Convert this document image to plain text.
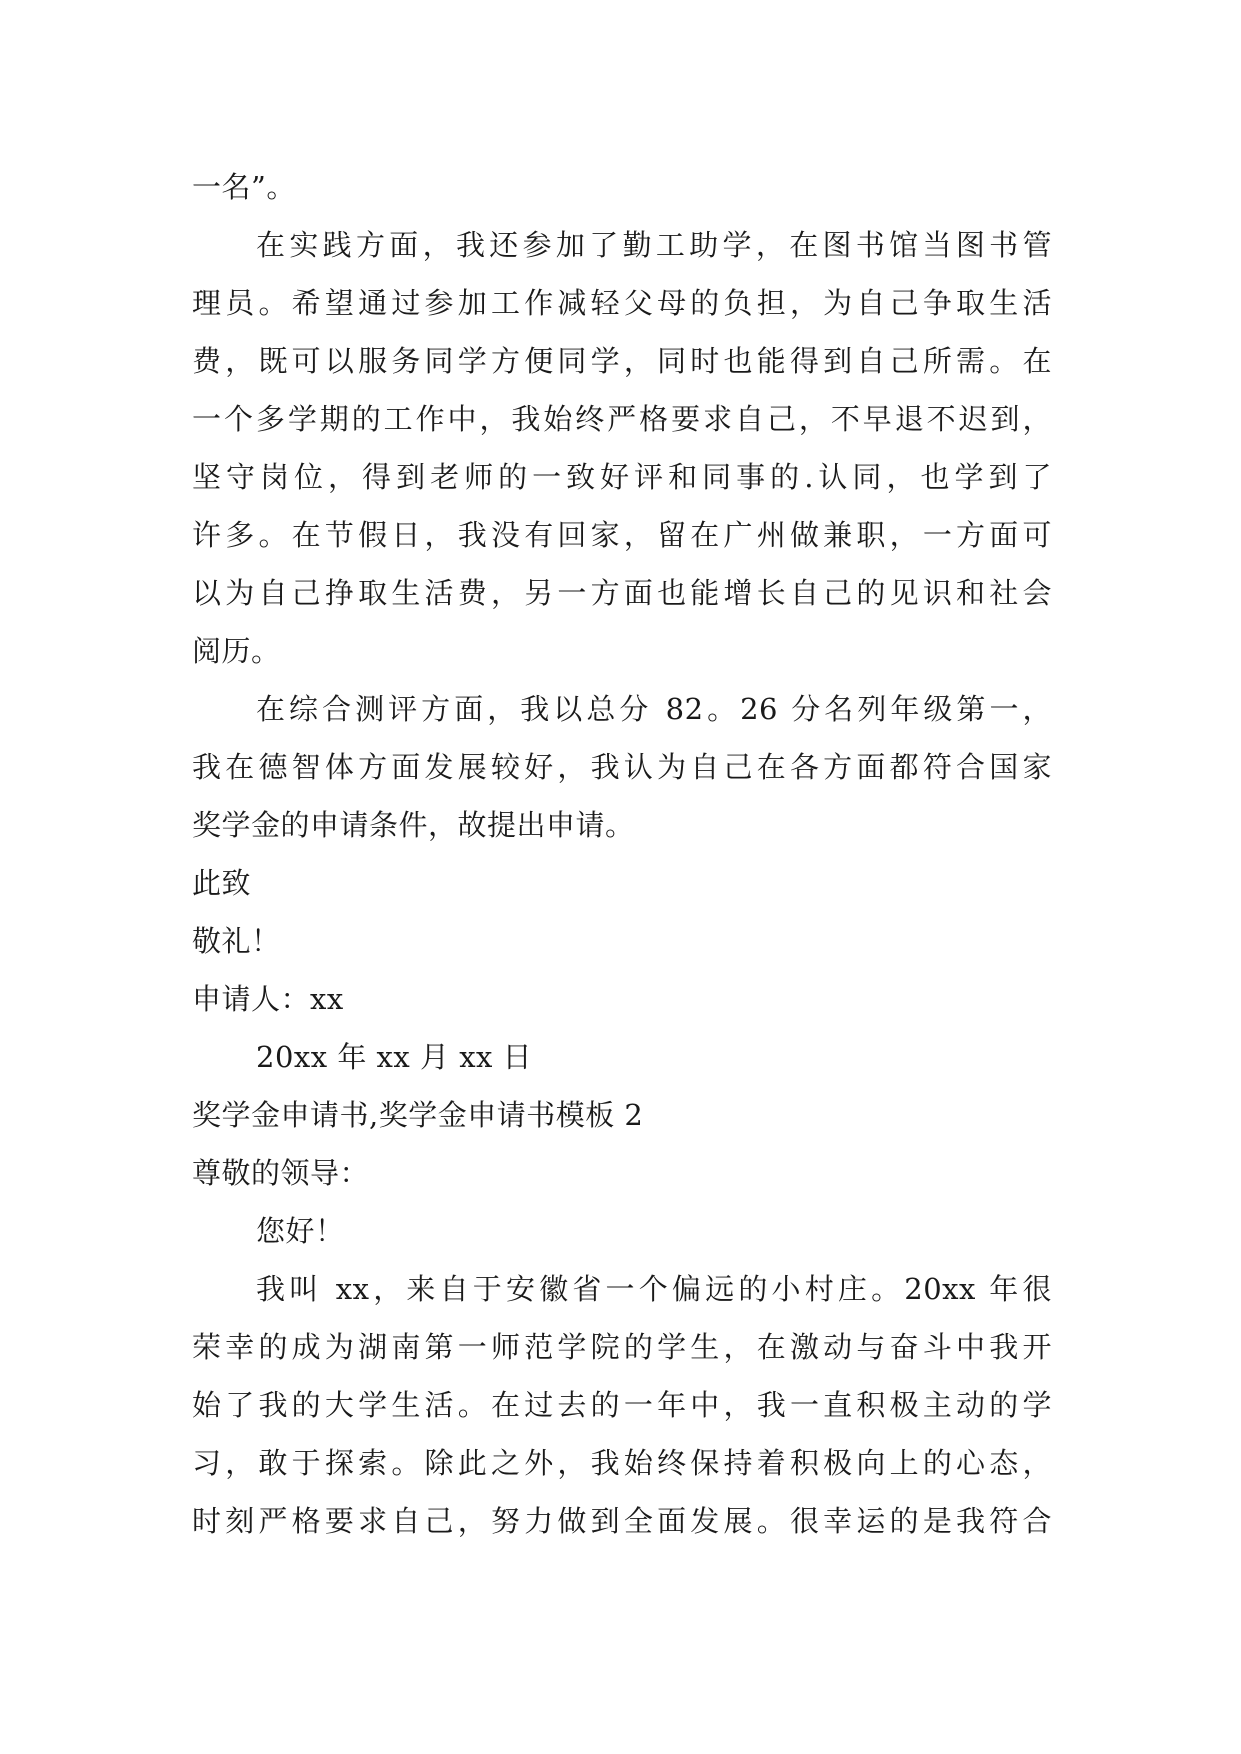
一名”。
在实践方面，我还参加了勤工助学，在图书馆当图书管
理员。希望通过参加工作减轻父母的负担，为自己争取生活
费，既可以服务同学方便同学，同时也能得到自己所需。在
一个多学期的工作中，我始终严格要求自己，不早退不迟到，
坚守岗位，得到老师的一致好评和同事的.认同，也学到了
许多。在节假日，我没有回家，留在广州做兼职，一方面可
以为自己挣取生活费，另一方面也能增长自己的见识和社会
阅历。
在综合测评方面，我以总分 82。26 分名列年级第一，
我在德智体方面发展较好，我认为自己在各方面都符合国家
奖学金的申请条件，故提出申请。
此致
敬礼！
申请人：xx
20xx 年 xx 月 xx 日
奖学金申请书,奖学金申请书模板 2
尊敬的领导：
您好！
我叫 xx，来自于安徽省一个偏远的小村庄。20xx 年很
荣幸的成为湖南第一师范学院的学生，在激动与奋斗中我开
始了我的大学生活。在过去的一年中，我一直积极主动的学
习，敢于探索。除此之外，我始终保持着积极向上的心态，
时刻严格要求自己，努力做到全面发展。很幸运的是我符合
